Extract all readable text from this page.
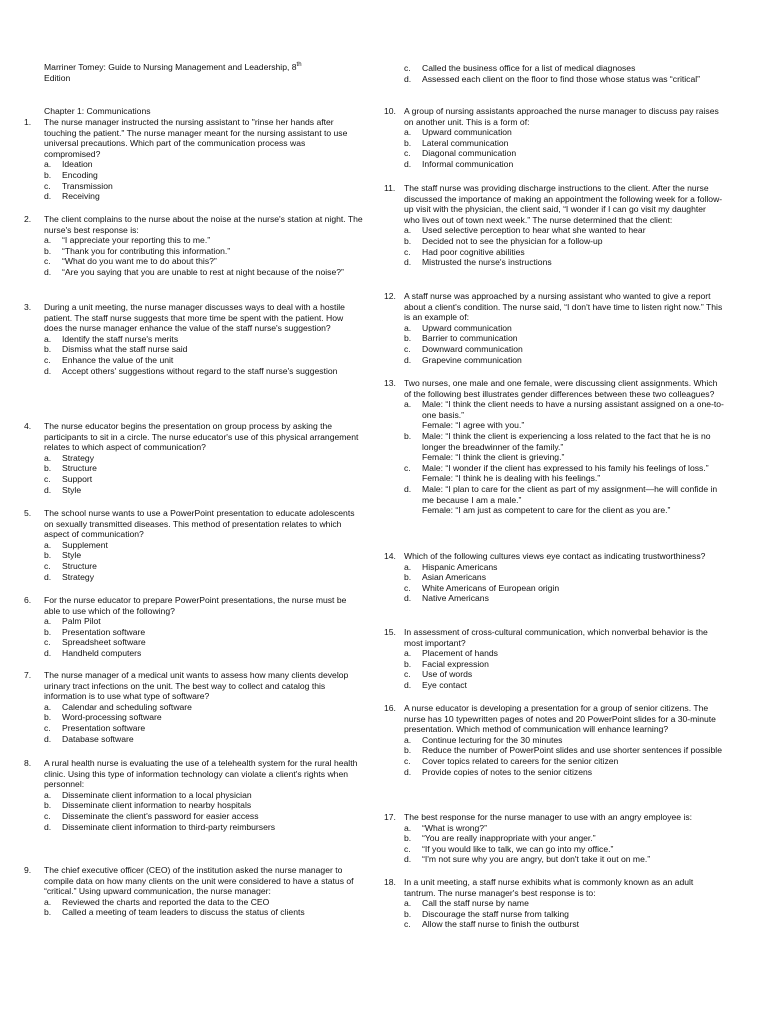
Marriner Tomey: Guide to Nursing Management and Leadership, 8th
Edition
Chapter 1: Communications
1.	The nurse manager instructed the nursing assistant to "rinse her hands after touching the patient." The nurse manager meant for the nursing assistant to use universal precautions. Which part of the communication process was compromised?
a.	Ideation
b.	Encoding
c.	Transmission
d.	Receiving
2.	The client complains to the nurse about the noise at the nurse's station at night. The nurse's best response is:
a.	“I appreciate your reporting this to me.”
b.	“Thank you for contributing this information.”
c.	“What do you want me to do about this?”
d.	“Are you saying that you are unable to rest at night because of the noise?”
3.	During a unit meeting, the nurse manager discusses ways to deal with a hostile patient. The staff nurse suggests that more time be spent with the patient. How does the nurse manager enhance the value of the staff nurse's suggestion?
a.	Identify the staff nurse's merits
b.	Dismiss what the staff nurse said
c.	Enhance the value of the unit
d.	Accept others' suggestions without regard to the staff nurse's suggestion
4.	The nurse educator begins the presentation on group process by asking the participants to sit in a circle. The nurse educator's use of this physical arrangement relates to which aspect of communication?
a.	Strategy
b.	Structure
c.	Support
d.	Style
5.	The school nurse wants to use a PowerPoint presentation to educate adolescents on sexually transmitted diseases. This method of presentation relates to which aspect of communication?
a.	Supplement
b.	Style
c.	Structure
d.	Strategy
6.	For the nurse educator to prepare PowerPoint presentations, the nurse must be able to use which of the following?
a.	Palm Pilot
b.	Presentation software
c.	Spreadsheet software
d.	Handheld computers
7.	The nurse manager of a medical unit wants to assess how many clients develop urinary tract infections on the unit. The best way to collect and catalog this information is to use what type of software?
a.	Calendar and scheduling software
b.	Word-processing software
c.	Presentation software
d.	Database software
8.	A rural health nurse is evaluating the use of a telehealth system for the rural health clinic. Using this type of information technology can violate a client's rights when personnel:
a.	Disseminate client information to a local physician
b.	Disseminate client information to nearby hospitals
c.	Disseminate the client's password for easier access
d.	Disseminate client information to third-party reimbursers
9.	The chief executive officer (CEO) of the institution asked the nurse manager to compile data on how many clients on the unit were considered to have a status of “critical.” Using upward communication, the nurse manager:
a.	Reviewed the charts and reported the data to the CEO
b.	Called a meeting of team leaders to discuss the status of clients
c.	Called the business office for a list of medical diagnoses
d.	Assessed each client on the floor to find those whose status was “critical”
10. A group of nursing assistants approached the nurse manager to discuss pay raises on another unit. This is a form of:
a.	Upward communication
b.	Lateral communication
c.	Diagonal communication
d.	Informal communication
11.	The staff nurse was providing discharge instructions to the client. After the nurse discussed the importance of making an appointment the following week for a follow-up visit with the physician, the client said, “I wonder if I can go visit my daughter who lives out of town next week.” The nurse determined that the client:
a.	Used selective perception to hear what she wanted to hear
b.	Decided not to see the physician for a follow-up
c.	Had poor cognitive abilities
d.	Mistrusted the nurse's instructions
12. A staff nurse was approached by a nursing assistant who wanted to give a report about a client's condition. The nurse said, “I don't have time to listen right now.” This is an example of:
a.	Upward communication
b.	Barrier to communication
c.	Downward communication
d.	Grapevine communication
13. Two nurses, one male and one female, were discussing client assignments. Which of the following best illustrates gender differences between these two colleagues?
a.	Male: “I think the client needs to have a nursing assistant assigned on a one-to-one basis.”
Female: “I agree with you.”
b.	Male: “I think the client is experiencing a loss related to the fact that he is no longer the breadwinner of the family.”
Female: “I think the client is grieving.”
c.	Male: “I wonder if the client has expressed to his family his feelings of loss.”
Female: “I think he is dealing with his feelings.”
d.	Male: “I plan to care for the client as part of my assignment—he will confide in me because I am a male.”
Female: “I am just as competent to care for the client as you are.”
14. Which of the following cultures views eye contact as indicating trustworthiness?
a.	Hispanic Americans
b.	Asian Americans
c.	White Americans of European origin
d.	Native Americans
15. In assessment of cross-cultural communication, which nonverbal behavior is the most important?
a.	Placement of hands
b.	Facial expression
c.	Use of words
d.	Eye contact
16. A nurse educator is developing a presentation for a group of senior citizens. The nurse has 10 typewritten pages of notes and 20 PowerPoint slides for a 30-minute presentation. Which method of communication will enhance learning?
a.	Continue lecturing for the 30 minutes
b.	Reduce the number of PowerPoint slides and use shorter sentences if possible
c.	Cover topics related to careers for the senior citizen
d.	Provide copies of notes to the senior citizens
17. The best response for the nurse manager to use with an angry employee is:
a.	“What is wrong?”
b.	“You are really inappropriate with your anger.”
c.	“If you would like to talk, we can go into my office.”
d.	“I'm not sure why you are angry, but don't take it out on me.”
18. In a unit meeting, a staff nurse exhibits what is commonly known as an adult tantrum. The nurse manager's best response is to:
a.	Call the staff nurse by name
b.	Discourage the staff nurse from talking
c.	Allow the staff nurse to finish the outburst
